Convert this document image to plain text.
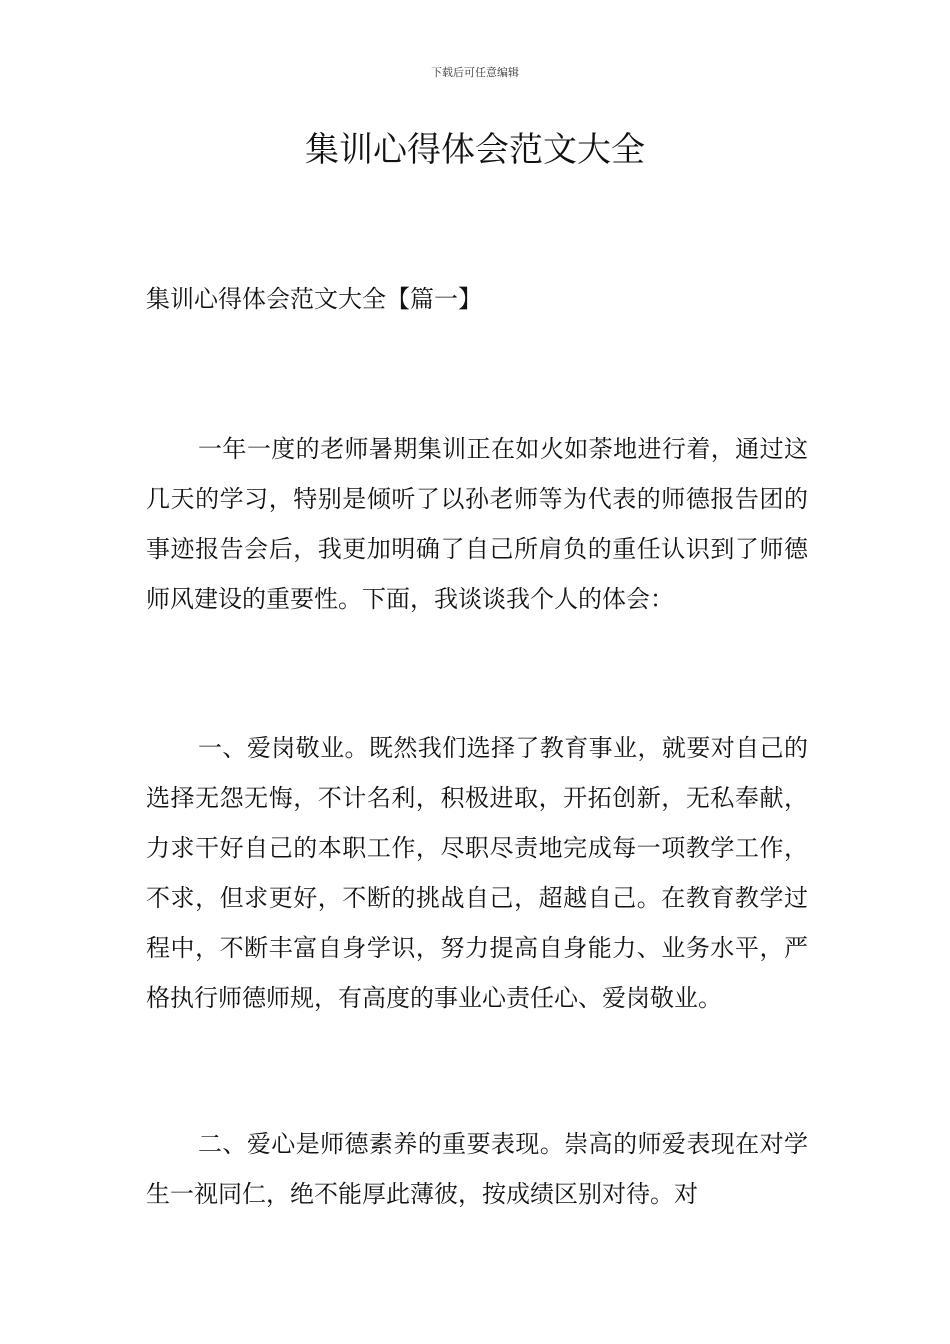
下载后可任意编辑
集训心得体会范文大全
集训心得体会范文大全【篇一】

一年一度的老师暑期集训正在如火如荼地进行着，通过这几天的学习，特别是倾听了以孙老师等为代表的师德报告团的事迹报告会后，我更加明确了自己所肩负的重任认识到了师德师风建设的重要性。下面，我谈谈我个人的体会：

一、爱岗敬业。既然我们选择了教育事业，就要对自己的选择无怨无悔，不计名利，积极进取，开拓创新，无私奉献，力求干好自己的本职工作，尽职尽责地完成每一项教学工作，不求，但求更好，不断的挑战自己，超越自己。在教育教学过程中，不断丰富自身学识，努力提高自身能力、业务水平，严格执行师德师规，有高度的事业心责任心、爱岗敬业。

二、爱心是师德素养的重要表现。崇高的师爱表现在对学生一视同仁，绝不能厚此薄彼，按成绩区别对待。对
